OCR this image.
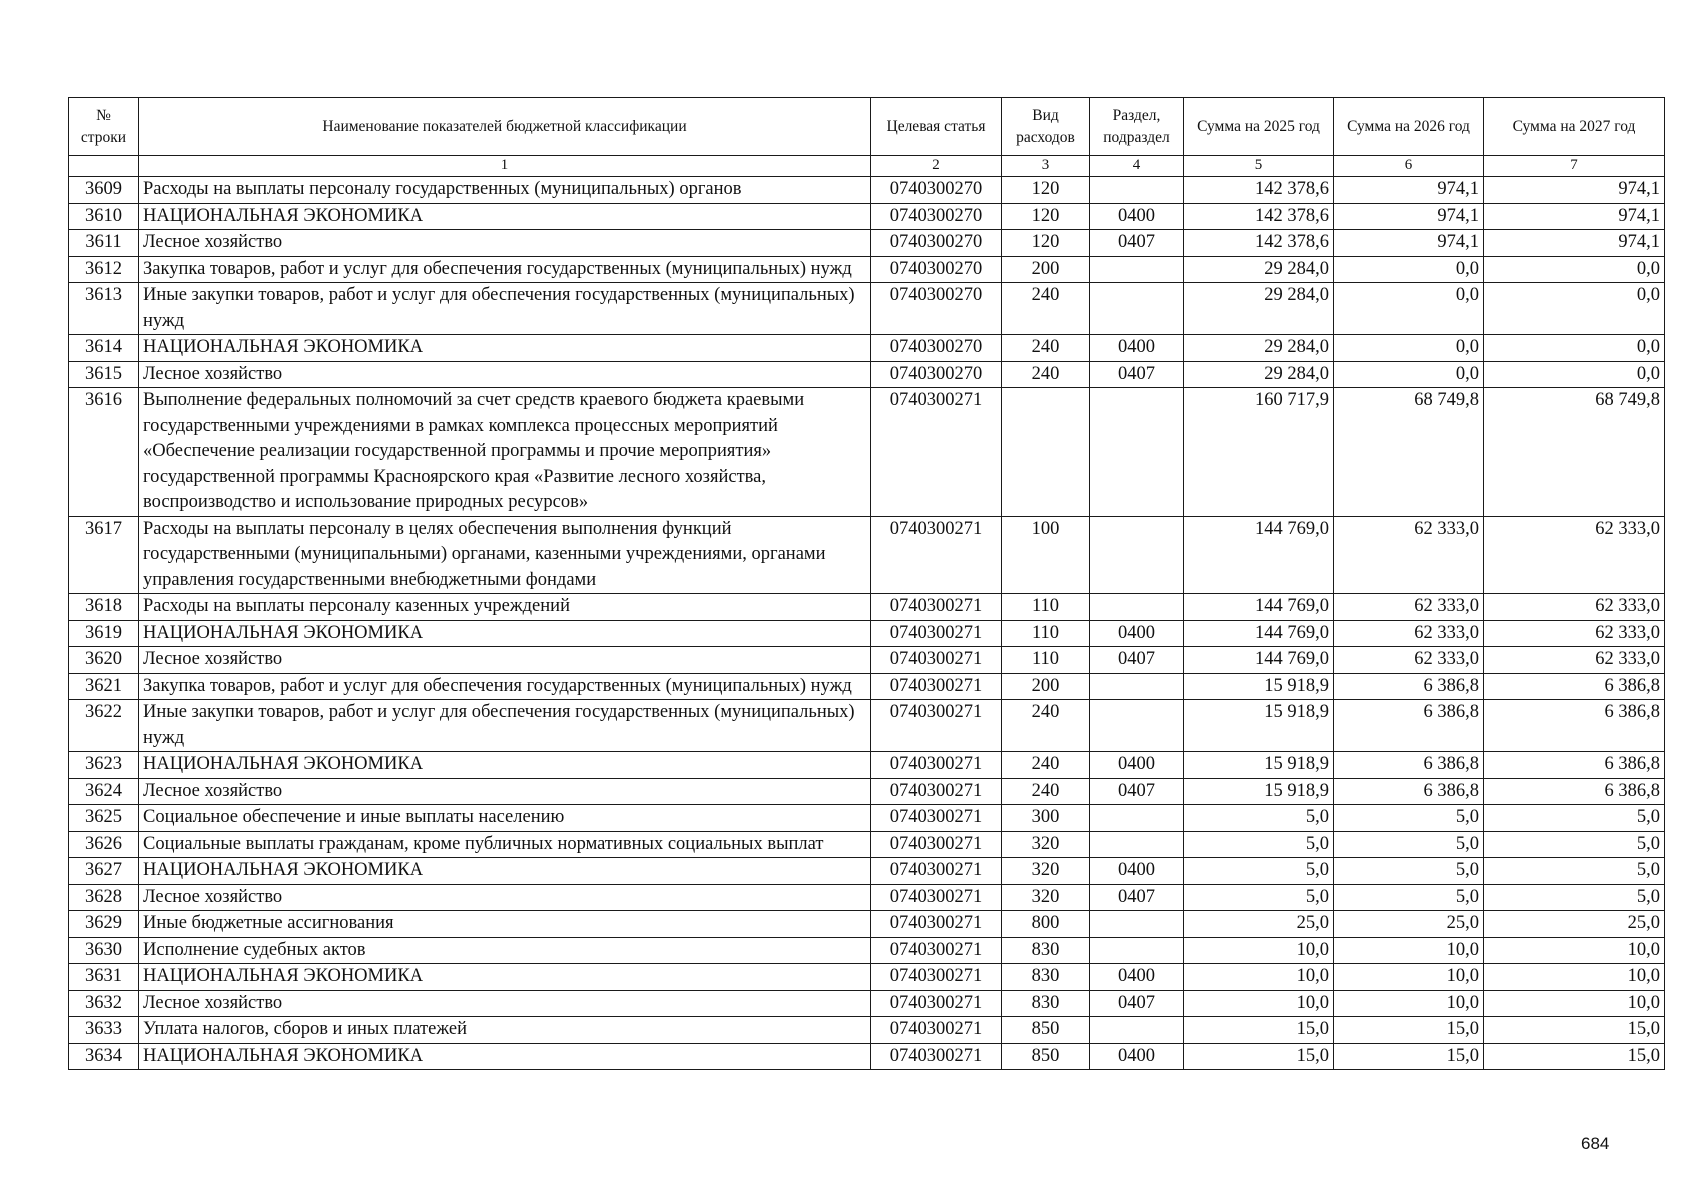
№ строки	Наименование показателей бюджетной классификации	Целевая статья	Вид расходов	Раздел, подраздел	Сумма на 2025 год	Сумма на 2026 год	Сумма на 2027 год
	1	2	3	4	5	6	7
3609	Расходы на выплаты персоналу государственных (муниципальных) органов	0740300270	120		142 378,6	974,1	974,1
3610	НАЦИОНАЛЬНАЯ ЭКОНОМИКА	0740300270	120	0400	142 378,6	974,1	974,1
3611	Лесное хозяйство	0740300270	120	0407	142 378,6	974,1	974,1
3612	Закупка товаров, работ и услуг для обеспечения государственных (муниципальных) нужд	0740300270	200		29 284,0	0,0	0,0
3613	Иные закупки товаров, работ и услуг для обеспечения государственных (муниципальных) нужд	0740300270	240		29 284,0	0,0	0,0
3614	НАЦИОНАЛЬНАЯ ЭКОНОМИКА	0740300270	240	0400	29 284,0	0,0	0,0
3615	Лесное хозяйство	0740300270	240	0407	29 284,0	0,0	0,0
3616	Выполнение федеральных полномочий за счет средств краевого бюджета краевыми государственными учреждениями в рамках комплекса процессных мероприятий «Обеспечение реализации государственной программы и прочие мероприятия» государственной программы Красноярского края «Развитие лесного хозяйства, воспроизводство и использование природных ресурсов»	0740300271			160 717,9	68 749,8	68 749,8
3617	Расходы на выплаты персоналу в целях обеспечения выполнения функций государственными (муниципальными) органами, казенными учреждениями, органами управления государственными внебюджетными фондами	0740300271	100		144 769,0	62 333,0	62 333,0
3618	Расходы на выплаты персоналу казенных учреждений	0740300271	110		144 769,0	62 333,0	62 333,0
3619	НАЦИОНАЛЬНАЯ ЭКОНОМИКА	0740300271	110	0400	144 769,0	62 333,0	62 333,0
3620	Лесное хозяйство	0740300271	110	0407	144 769,0	62 333,0	62 333,0
3621	Закупка товаров, работ и услуг для обеспечения государственных (муниципальных) нужд	0740300271	200		15 918,9	6 386,8	6 386,8
3622	Иные закупки товаров, работ и услуг для обеспечения государственных (муниципальных) нужд	0740300271	240		15 918,9	6 386,8	6 386,8
3623	НАЦИОНАЛЬНАЯ ЭКОНОМИКА	0740300271	240	0400	15 918,9	6 386,8	6 386,8
3624	Лесное хозяйство	0740300271	240	0407	15 918,9	6 386,8	6 386,8
3625	Социальное обеспечение и иные выплаты населению	0740300271	300		5,0	5,0	5,0
3626	Социальные выплаты гражданам, кроме публичных нормативных социальных выплат	0740300271	320		5,0	5,0	5,0
3627	НАЦИОНАЛЬНАЯ ЭКОНОМИКА	0740300271	320	0400	5,0	5,0	5,0
3628	Лесное хозяйство	0740300271	320	0407	5,0	5,0	5,0
3629	Иные бюджетные ассигнования	0740300271	800		25,0	25,0	25,0
3630	Исполнение судебных актов	0740300271	830		10,0	10,0	10,0
3631	НАЦИОНАЛЬНАЯ ЭКОНОМИКА	0740300271	830	0400	10,0	10,0	10,0
3632	Лесное хозяйство	0740300271	830	0407	10,0	10,0	10,0
3633	Уплата налогов, сборов и иных платежей	0740300271	850		15,0	15,0	15,0
3634	НАЦИОНАЛЬНАЯ ЭКОНОМИКА	0740300271	850	0400	15,0	15,0	15,0
684
